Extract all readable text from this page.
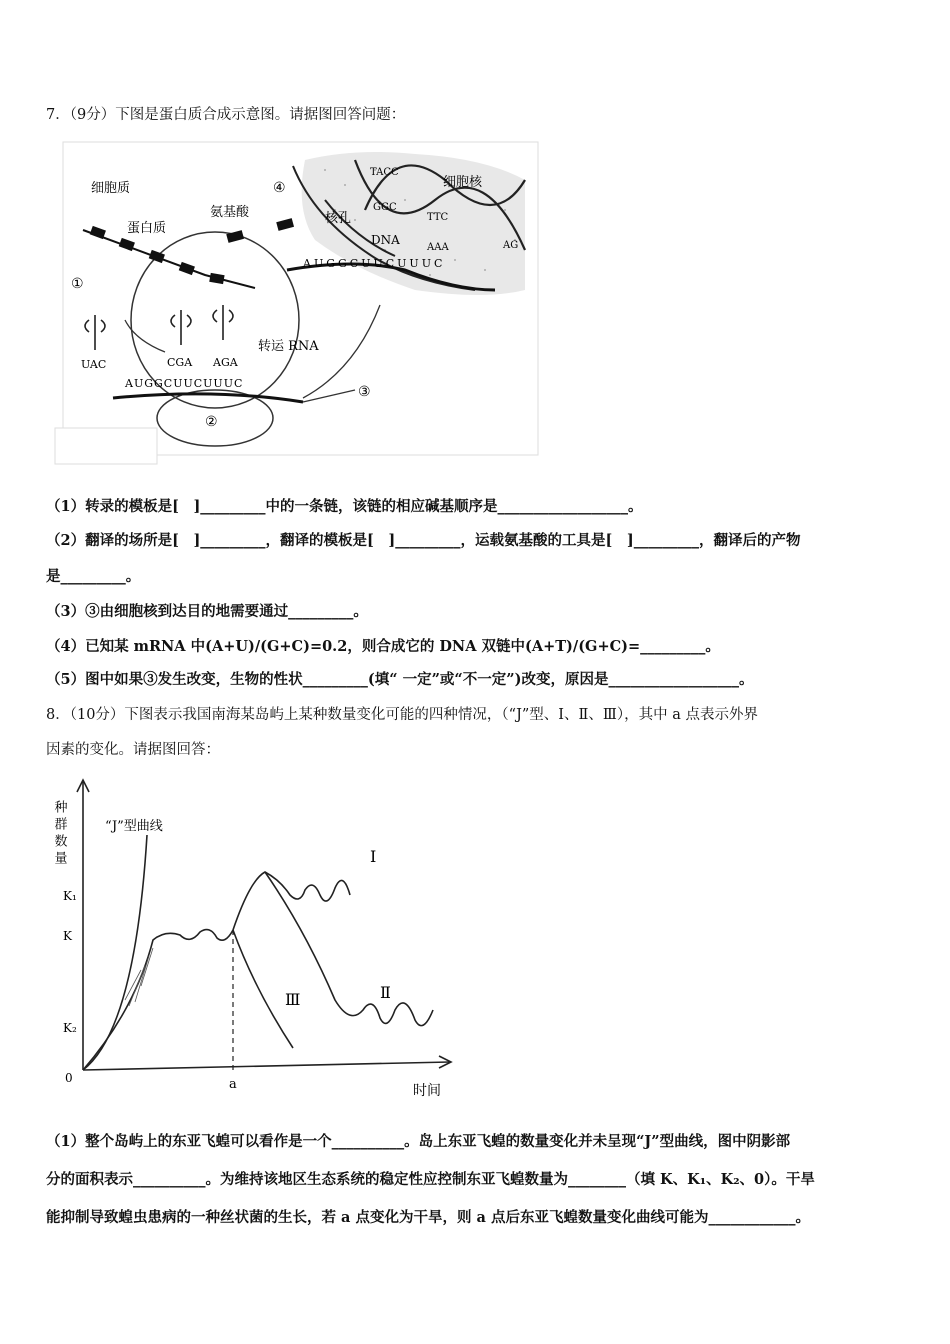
7．（9分）下图是蛋白质合成示意图。请据图回答问题：
细胞质
蛋白质
氨基酸	核孔
细胞核
DNA
转运 RNA
UAC	CGA AGA
AUGGCUUCUUUC
AUGGCUUCUUUC
TACC
GGC
TTC
AAA	AG
①
②
③
④
（1）转录的模板是[　]_________中的一条链，该链的相应碱基顺序是__________________。
（2）翻译的场所是[　]_________，翻译的模板是[　]_________，运载氨基酸的工具是[　]_________，翻译后的产物
是_________。
（3）③由细胞核到达目的地需要通过_________。
（4）已知某 mRNA 中(A+U)/(G+C)=0.2，则合成它的 DNA 双链中(A+T)/(G+C)=_________。
（5）图中如果③发生改变，生物的性状_________(填“ 一定”或“不一定”)改变，原因是__________________。
8．（10分）下图表示我国南海某岛屿上某种数量变化可能的四种情况，（“J”型、Ⅰ、Ⅱ、Ⅲ），其中 a 点表示外界
因素的变化。请据图回答：
种群数量
时间
“J”型曲线
K₁
K
K₂
0	a
Ⅰ
Ⅱ
Ⅲ
（1）整个岛屿上的东亚飞蝗可以看作是一个__________。岛上东亚飞蝗的数量变化并未呈现“J”型曲线，图中阴影部
分的面积表示__________。为维持该地区生态系统的稳定性应控制东亚飞蝗数量为________（填 K、K₁、K₂、0）。干旱
能抑制导致蝗虫患病的一种丝状菌的生长，若 a 点变化为干旱，则 a 点后东亚飞蝗数量变化曲线可能为____________。
